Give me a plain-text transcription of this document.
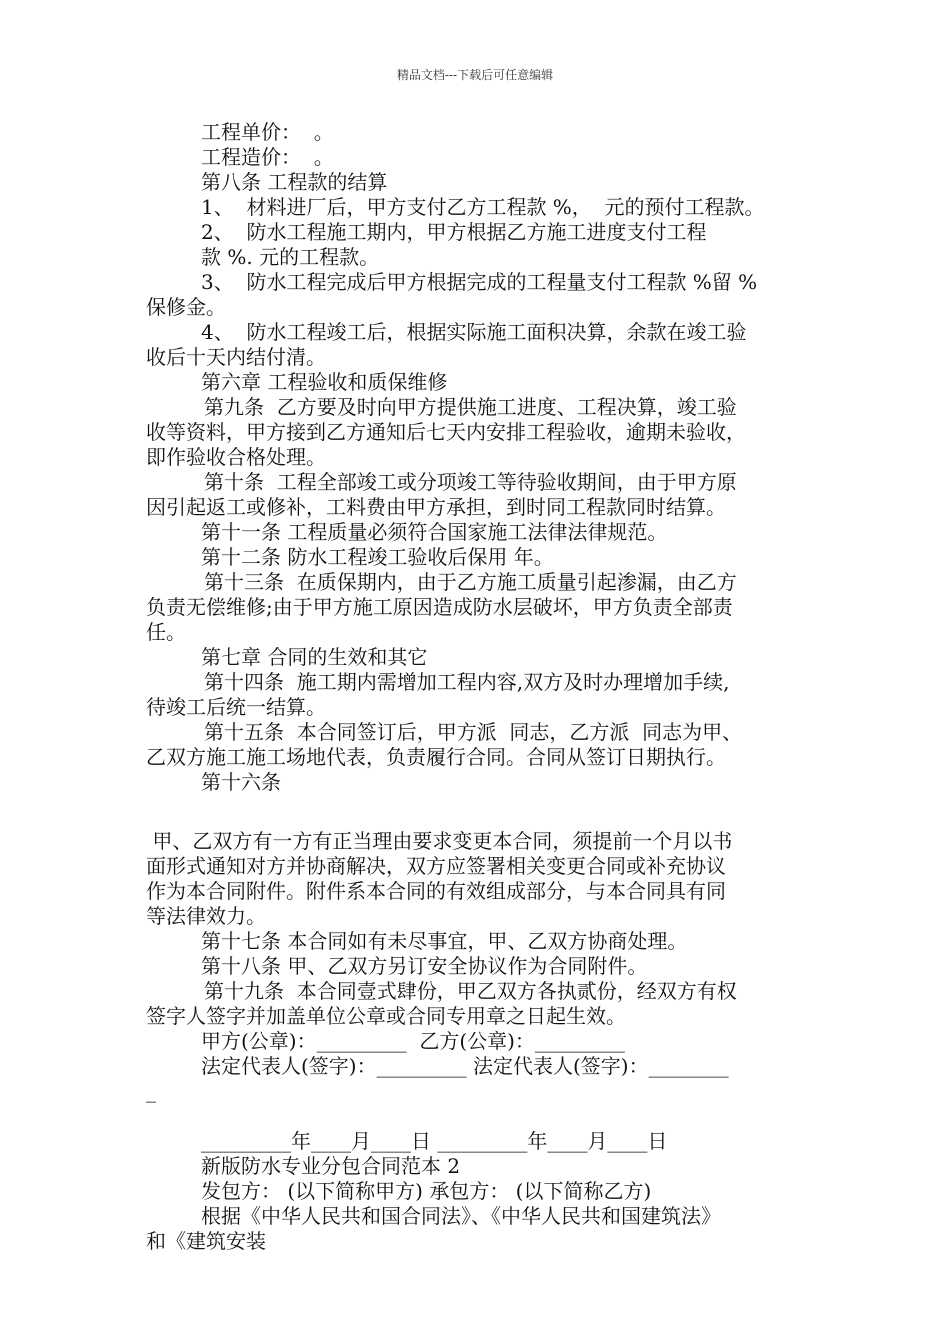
精品文档---下载后可任意编辑
工程单价：  。
工程造价：  。
第八条 工程款的结算
1、  材料进厂后，甲方支付乙方工程款 %，  元的预付工程款。
2、  防水工程施工期内，甲方根据乙方施工进度支付工程
款 %. 元的工程款。
3、  防水工程完成后甲方根据完成的工程量支付工程款 %留 %
保修金。
4、  防水工程竣工后，根据实际施工面积决算，余款在竣工验
收后十天内结付清。
第六章 工程验收和质保维修
第九条  乙方要及时向甲方提供施工进度、工程决算，竣工验
收等资料，甲方接到乙方通知后七天内安排工程验收，逾期未验收，
即作验收合格处理。
第十条  工程全部竣工或分项竣工等待验收期间，由于甲方原
因引起返工或修补，工料费由甲方承担，到时同工程款同时结算。
第十一条 工程质量必须符合国家施工法律法律规范。
第十二条 防水工程竣工验收后保用 年。
第十三条  在质保期内，由于乙方施工质量引起渗漏，由乙方
负责无偿维修;由于甲方施工原因造成防水层破坏，甲方负责全部责
任。
第七章 合同的生效和其它
第十四条  施工期内需增加工程内容,双方及时办理增加手续,
待竣工后统一结算。
第十五条  本合同签订后，甲方派  同志，乙方派  同志为甲、
乙双方施工施工场地代表，负责履行合同。合同从签订日期执行。
第十六条
甲、乙双方有一方有正当理由要求变更本合同，须提前一个月以书
面形式通知对方并协商解决，双方应签署相关变更合同或补充协议
作为本合同附件。附件系本合同的有效组成部分，与本合同具有同
等法律效力。
第十七条 本合同如有未尽事宜，甲、乙双方协商处理。
第十八条 甲、乙双方另订安全协议作为合同附件。
第十九条  本合同壹式肆份，甲乙双方各执贰份，经双方有权
签字人签字并加盖单位公章或合同专用章之日起生效。
甲方(公章)：_________  乙方(公章)：_________
法定代表人(签字)：_________ 法定代表人(签字)：________
_
_________年____月____日 _________年____月____日
新版防水专业分包合同范本 2
发包方： (以下简称甲方) 承包方： (以下简称乙方)
根据《中华人民共和国合同法》、《中华人民共和国建筑法》
和《建筑安装
